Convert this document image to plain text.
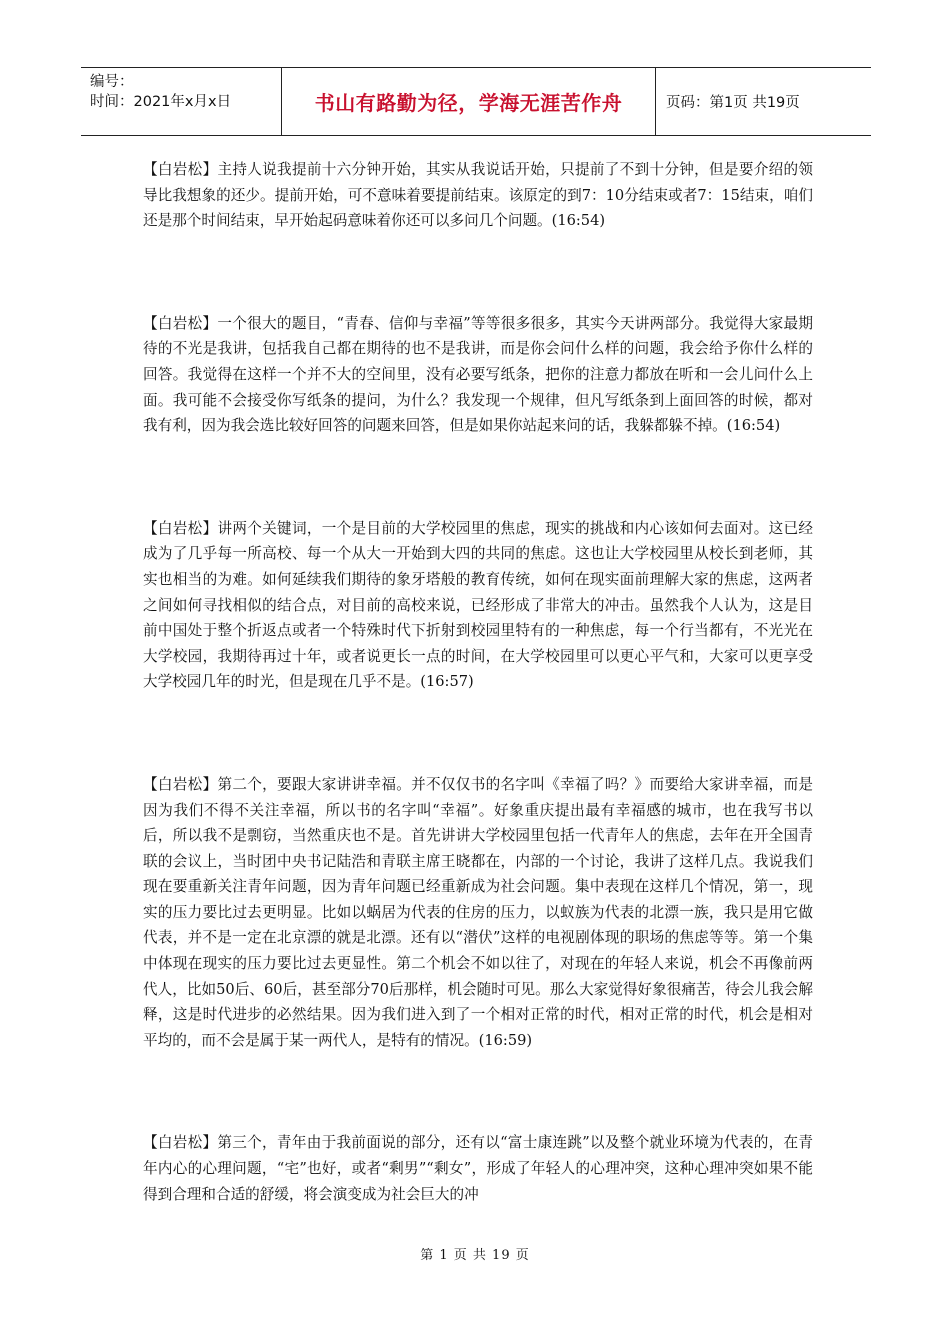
编号：
时间：2021年x月x日	书山有路勤为径，学海无涯苦作舟	页码：第1页 共19页

【白岩松】主持人说我提前十六分钟开始，其实从我说话开始，只提前了不到十分钟，但是要介绍的领导比我想象的还少。提前开始，可不意味着要提前结束。该原定的到7：10分结束或者7：15结束，咱们还是那个时间结束，早开始起码意味着你还可以多问几个问题。(16:54)

【白岩松】一个很大的题目，“青春、信仰与幸福”等等很多很多，其实今天讲两部分。我觉得大家最期待的不光是我讲，包括我自己都在期待的也不是我讲，而是你会问什么样的问题，我会给予你什么样的回答。我觉得在这样一个并不大的空间里，没有必要写纸条，把你的注意力都放在听和一会儿问什么上面。我可能不会接受你写纸条的提问，为什么？我发现一个规律，但凡写纸条到上面回答的时候，都对我有利，因为我会选比较好回答的问题来回答，但是如果你站起来问的话，我躲都躲不掉。(16:54)

【白岩松】讲两个关键词，一个是目前的大学校园里的焦虑，现实的挑战和内心该如何去面对。这已经成为了几乎每一所高校、每一个从大一开始到大四的共同的焦虑。这也让大学校园里从校长到老师，其实也相当的为难。如何延续我们期待的象牙塔般的教育传统，如何在现实面前理解大家的焦虑，这两者之间如何寻找相似的结合点，对目前的高校来说，已经形成了非常大的冲击。虽然我个人认为，这是目前中国处于整个折返点或者一个特殊时代下折射到校园里特有的一种焦虑，每一个行当都有，不光光在大学校园，我期待再过十年，或者说更长一点的时间，在大学校园里可以更心平气和，大家可以更享受大学校园几年的时光，但是现在几乎不是。(16:57)

【白岩松】第二个，要跟大家讲讲幸福。并不仅仅书的名字叫《幸福了吗？》而要给大家讲幸福，而是因为我们不得不关注幸福，所以书的名字叫“幸福”。好象重庆提出最有幸福感的城市，也在我写书以后，所以我不是剽窃，当然重庆也不是。首先讲讲大学校园里包括一代青年人的焦虑，去年在开全国青联的会议上，当时团中央书记陆浩和青联主席王晓都在，内部的一个讨论，我讲了这样几点。我说我们现在要重新关注青年问题，因为青年问题已经重新成为社会问题。集中表现在这样几个情况，第一，现实的压力要比过去更明显。比如以蜗居为代表的住房的压力，以蚁族为代表的北漂一族，我只是用它做代表，并不是一定在北京漂的就是北漂。还有以“潜伏”这样的电视剧体现的职场的焦虑等等。第一个集中体现在现实的压力要比过去更显性。第二个机会不如以往了，对现在的年轻人来说，机会不再像前两代人，比如50后、60后，甚至部分70后那样，机会随时可见。那么大家觉得好象很痛苦，待会儿我会解释，这是时代进步的必然结果。因为我们进入到了一个相对正常的时代，相对正常的时代，机会是相对平均的，而不会是属于某一两代人，是特有的情况。(16:59)

【白岩松】第三个，青年由于我前面说的部分，还有以“富士康连跳”以及整个就业环境为代表的，在青年内心的心理问题，“宅”也好，或者“剩男”“剩女”，形成了年轻人的心理冲突，这种心理冲突如果不能得到合理和合适的舒缓，将会演变成为社会巨大的冲

第 1 页 共 19 页
